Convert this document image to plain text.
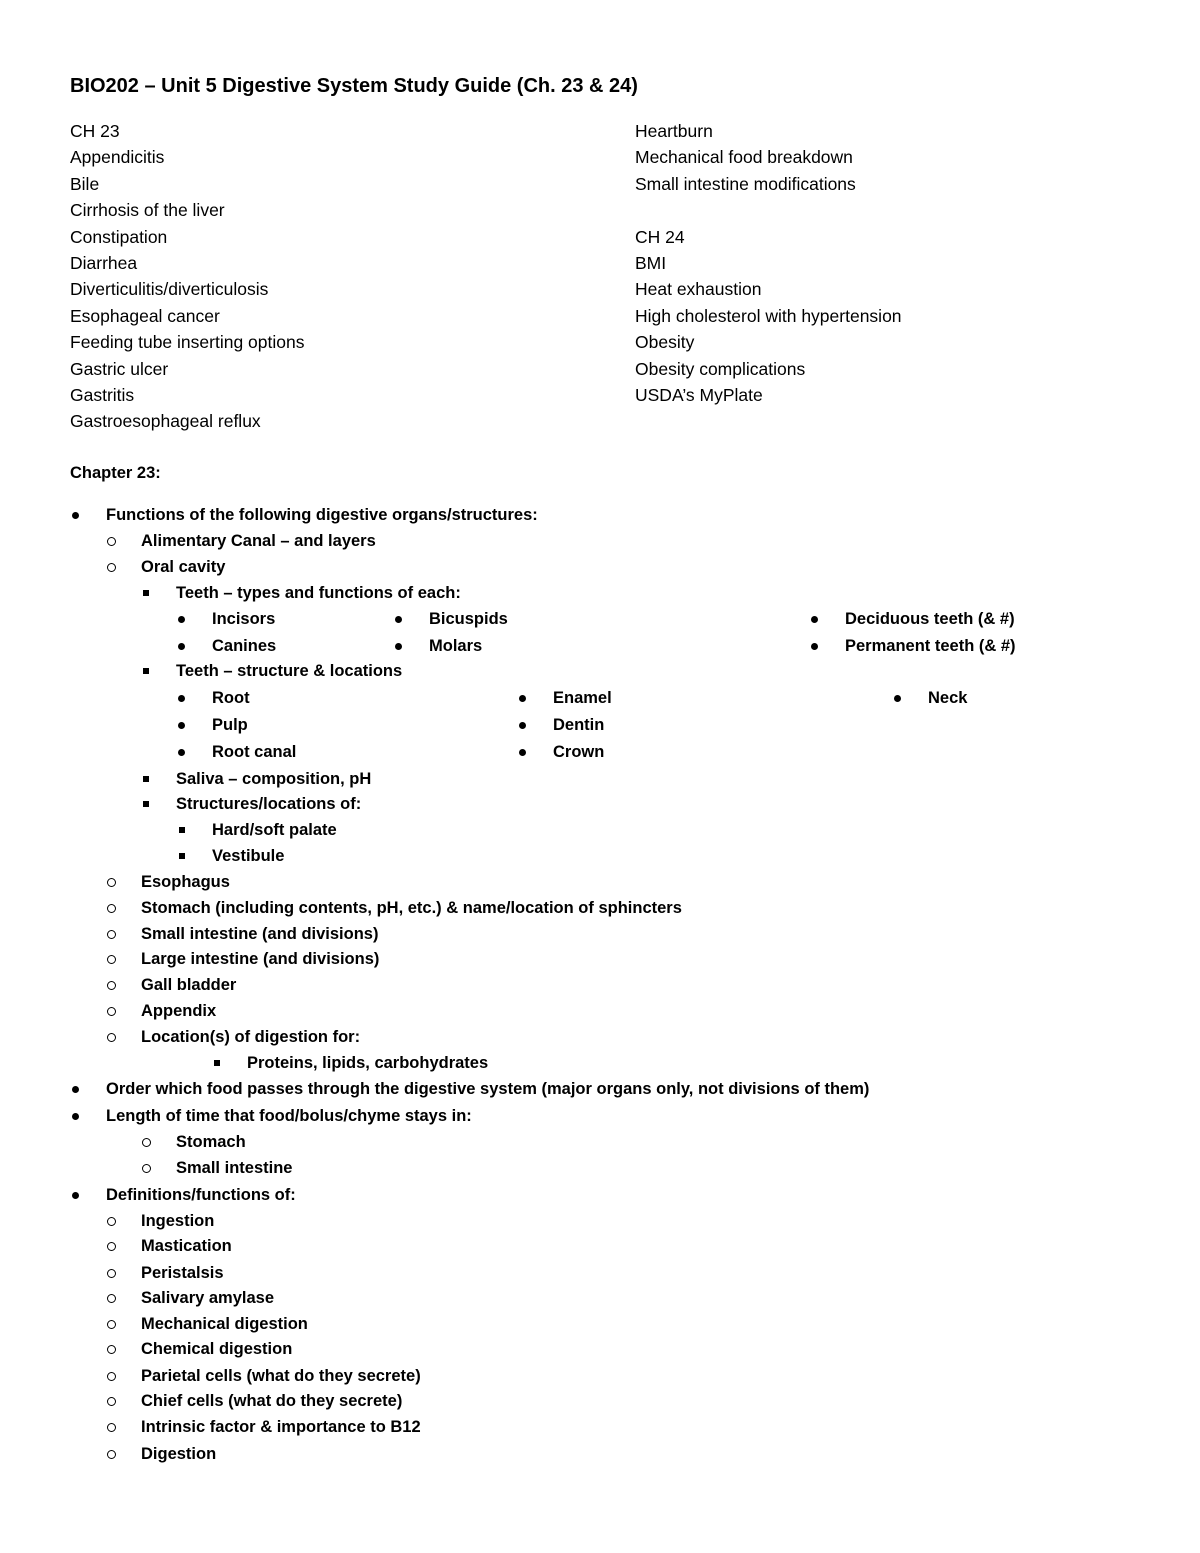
BIO202 – Unit 5 Digestive System Study Guide (Ch. 23 & 24)
CH 23
Appendicitis
Bile
Cirrhosis of the liver
Constipation
Diarrhea
Diverticulitis/diverticulosis
Esophageal cancer
Feeding tube inserting options
Gastric ulcer
Gastritis
Gastroesophageal reflux
Heartburn
Mechanical food breakdown
Small intestine modifications
CH 24
BMI
Heat exhaustion
High cholesterol with hypertension
Obesity
Obesity complications
USDA’s MyPlate
Chapter 23:
Functions of the following digestive organs/structures:
Alimentary Canal – and layers
Oral cavity
Teeth – types and functions of each:
Incisors	Bicuspids	Deciduous teeth (& #)
Canines	Molars	Permanent teeth (& #)
Teeth – structure & locations
Root	Enamel	Neck
Pulp	Dentin
Root canal	Crown
Saliva – composition, pH
Structures/locations of:
Hard/soft palate
Vestibule
Esophagus
Stomach (including contents, pH, etc.) & name/location of sphincters
Small intestine (and divisions)
Large intestine (and divisions)
Gall bladder
Appendix
Location(s) of digestion for:
Proteins, lipids, carbohydrates
Order which food passes through the digestive system (major organs only, not divisions of them)
Length of time that food/bolus/chyme stays in:
Stomach
Small intestine
Definitions/functions of:
Ingestion
Mastication
Peristalsis
Salivary amylase
Mechanical digestion
Chemical digestion
Parietal cells (what do they secrete)
Chief cells (what do they secrete)
Intrinsic factor & importance to B12
Digestion
